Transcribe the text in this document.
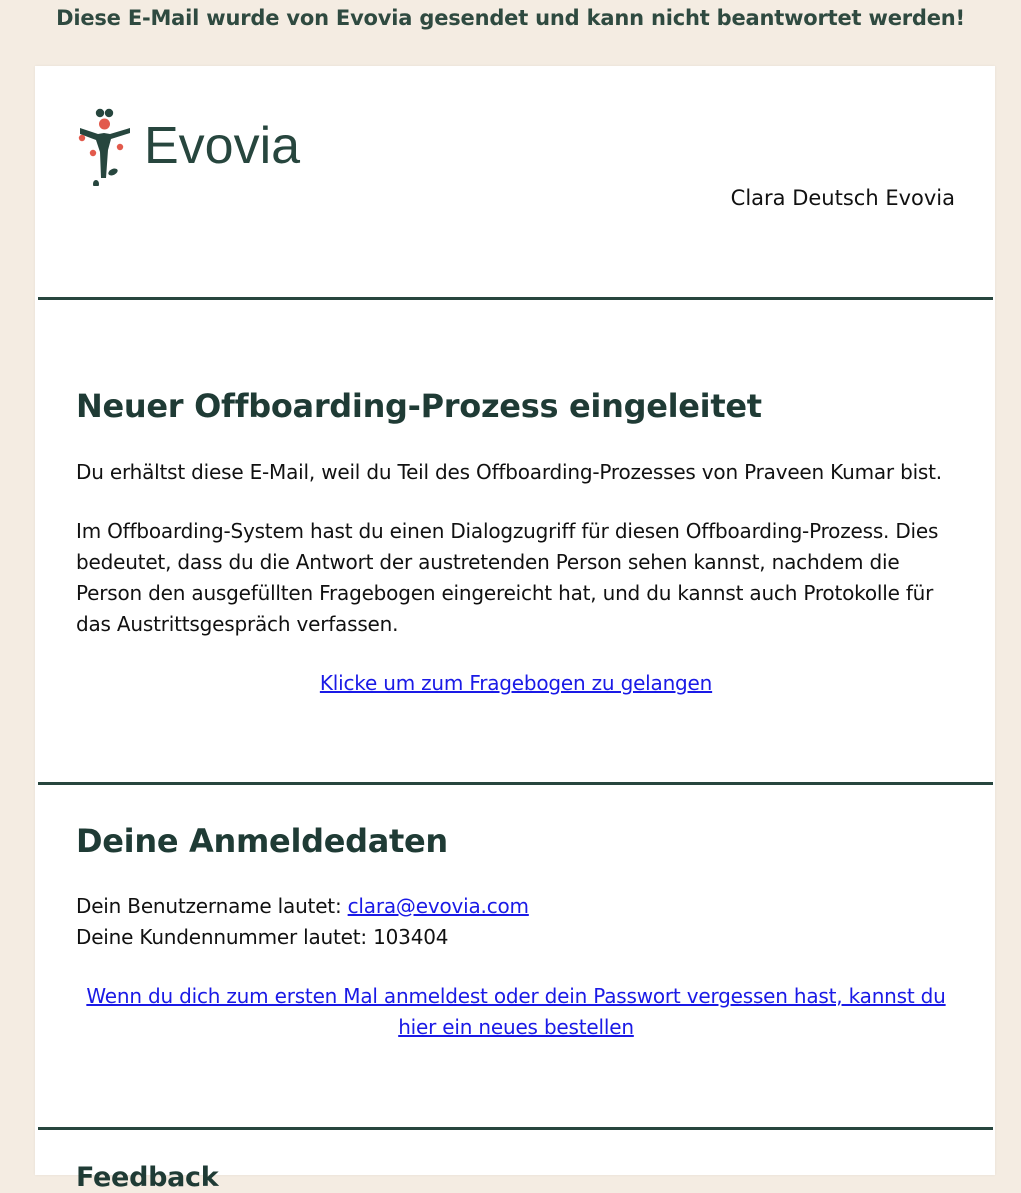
Diese E-Mail wurde von Evovia gesendet und kann nicht beantwortet werden!
Evovia
Clara Deutsch Evovia
Neuer Offboarding-Prozess eingeleitet

Du erhältst diese E-Mail, weil du Teil des Offboarding-Prozesses von Praveen Kumar bist.

Im Offboarding-System hast du einen Dialogzugriff für diesen Offboarding-Prozess. Dies bedeutet, dass du die Antwort der austretenden Person sehen kannst, nachdem die Person den ausgefüllten Fragebogen eingereicht hat, und du kannst auch Protokolle für das Austrittsgespräch verfassen.

Klicke um zum Fragebogen zu gelangen
Deine Anmeldedaten

Dein Benutzername lautet: clara@evovia.com

Deine Kundennummer lautet: 103404

Wenn du dich zum ersten Mal anmeldest oder dein Passwort vergessen hast, kannst du hier ein neues bestellen

Feedback
